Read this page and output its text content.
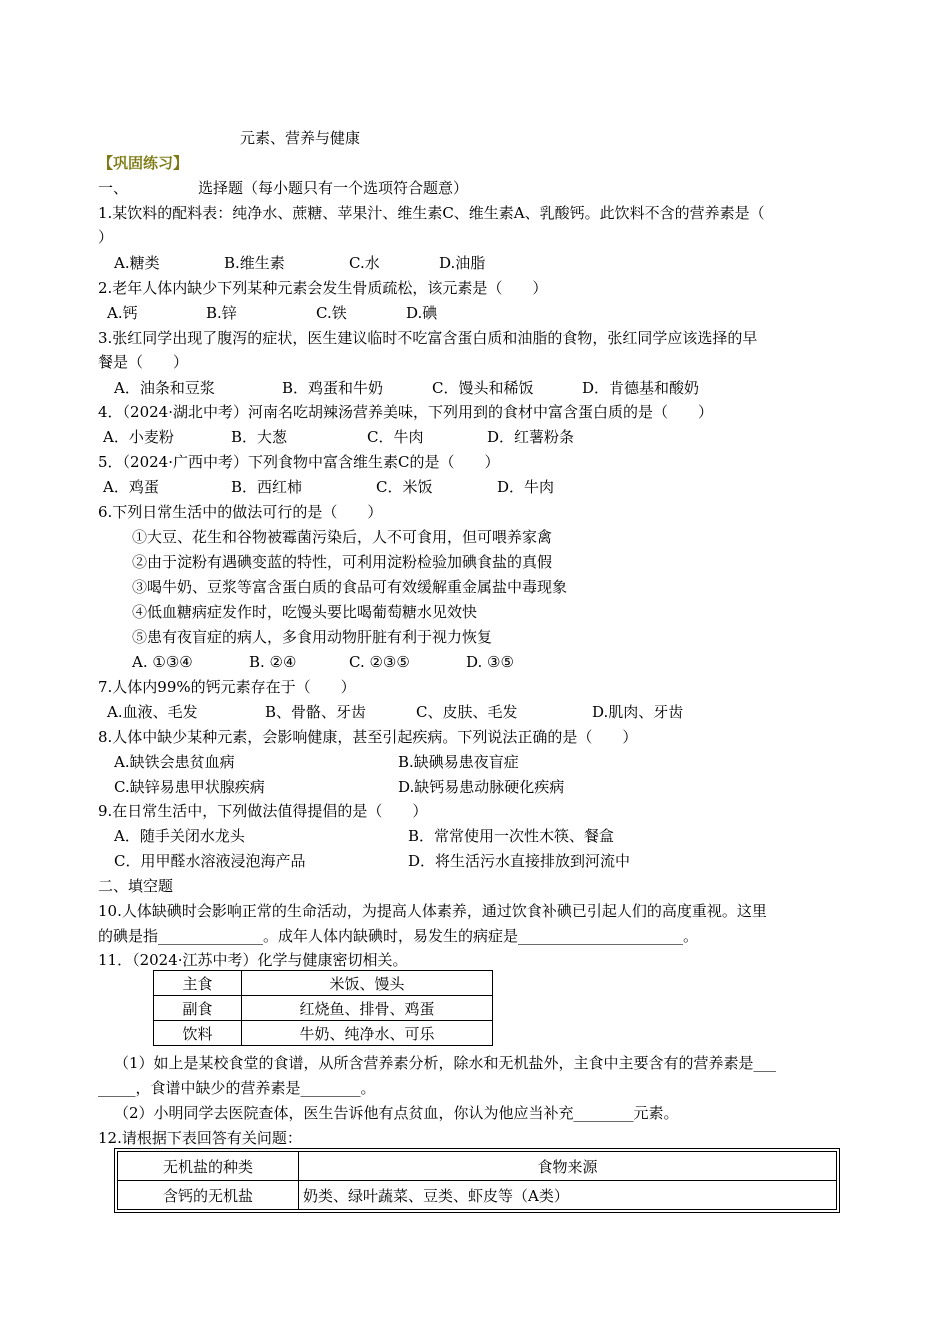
元素、营养与健康
【巩固练习】
一、	选择题（每小题只有一个选项符合题意）
1.某饮料的配料表：纯净水、蔗糖、苹果汁、维生素C、维生素A、乳酸钙。此饮料不含的营养素是（
）
A.糖类	B.维生素	C.水	D.油脂
2.老年人体内缺少下列某种元素会发生骨质疏松，该元素是（　　）
A.钙	B.锌	C.铁	D.碘
3.张红同学出现了腹泻的症状，医生建议临时不吃富含蛋白质和油脂的食物，张红同学应该选择的早
餐是（　　）
A．油条和豆浆	B．鸡蛋和牛奶	C．馒头和稀饭	D．肯德基和酸奶
4．（2024·湖北中考）河南名吃胡辣汤营养美味，下列用到的食材中富含蛋白质的是（　　）
A．小麦粉	B．大葱	C．牛肉	D．红薯粉条
5．（2024·广西中考）下列食物中富含维生素C的是（　　）
A．鸡蛋	B．西红柿	C．米饭	D．牛肉
6.下列日常生活中的做法可行的是（　　）
①大豆、花生和谷物被霉菌污染后，人不可食用，但可喂养家禽
②由于淀粉有遇碘变蓝的特性，可利用淀粉检验加碘食盐的真假
③喝牛奶、豆浆等富含蛋白质的食品可有效缓解重金属盐中毒现象
④低血糖病症发作时，吃馒头要比喝葡萄糖水见效快
⑤患有夜盲症的病人，多食用动物肝脏有利于视力恢复
A. ①③④	B. ②④	C. ②③⑤	D. ③⑤
7.人体内99%的钙元素存在于（　　）
A.血液、毛发	B、骨骼、牙齿	C、皮肤、毛发	D.肌肉、牙齿
8.人体中缺少某种元素，会影响健康，甚至引起疾病。下列说法正确的是（　　）
A.缺铁会患贫血病	B.缺碘易患夜盲症
C.缺锌易患甲状腺疾病	D.缺钙易患动脉硬化疾病
9.在日常生活中，下列做法值得提倡的是（　　）
A．随手关闭水龙头	B．常常使用一次性木筷、餐盒
C．用甲醛水溶液浸泡海产品	D．将生活污水直接排放到河流中
二、填空题
10.人体缺碘时会影响正常的生命活动，为提高人体素养，通过饮食补碘已引起人们的高度重视。这里
的碘是指______________。成年人体内缺碘时，易发生的病症是______________________。
11．（2024·江苏中考）化学与健康密切相关。
主食	米饭、馒头
副食	红烧鱼、排骨、鸡蛋
饮料	牛奶、纯净水、可乐
（1）如上是某校食堂的食谱，从所含营养素分析，除水和无机盐外，主食中主要含有的营养素是___
_____，食谱中缺少的营养素是________。
（2）小明同学去医院查体，医生告诉他有点贫血，你认为他应当补充________元素。
12.请根据下表回答有关问题：
无机盐的种类	食物来源
含钙的无机盐	奶类、绿叶蔬菜、豆类、虾皮等（A类）
